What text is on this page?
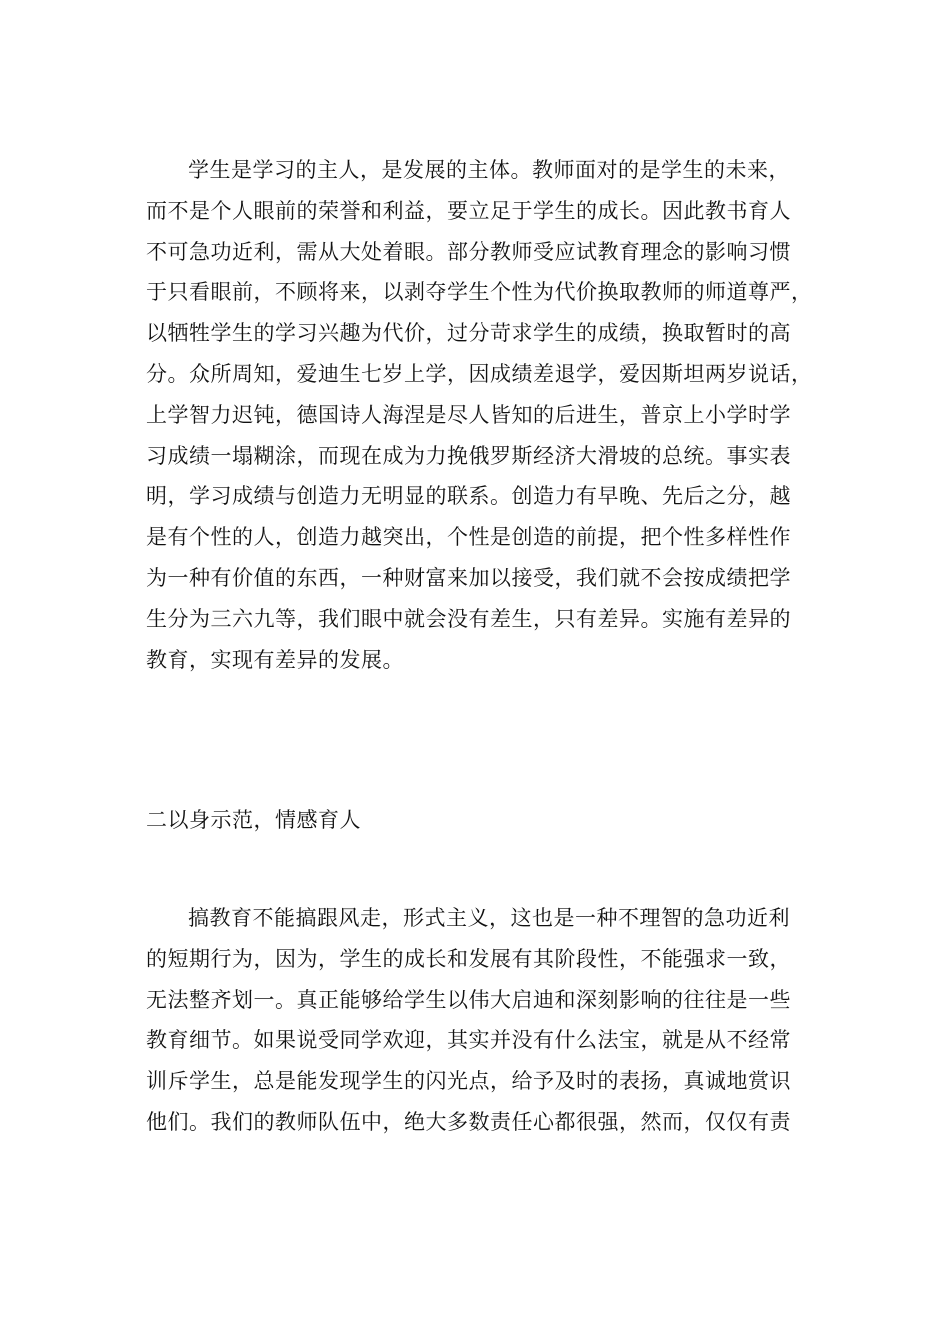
学生是学习的主人，是发展的主体。教师面对的是学生的未来，
而不是个人眼前的荣誉和利益，要立足于学生的成长。因此教书育人
不可急功近利，需从大处着眼。部分教师受应试教育理念的影响习惯
于只看眼前，不顾将来，以剥夺学生个性为代价换取教师的师道尊严，
以牺牲学生的学习兴趣为代价，过分苛求学生的成绩，换取暂时的高
分。众所周知，爱迪生七岁上学，因成绩差退学，爱因斯坦两岁说话，
上学智力迟钝，德国诗人海涅是尽人皆知的后进生，普京上小学时学
习成绩一塌糊涂，而现在成为力挽俄罗斯经济大滑坡的总统。事实表
明，学习成绩与创造力无明显的联系。创造力有早晚、先后之分，越
是有个性的人，创造力越突出，个性是创造的前提，把个性多样性作
为一种有价值的东西，一种财富来加以接受，我们就不会按成绩把学
生分为三六九等，我们眼中就会没有差生，只有差异。实施有差异的
教育，实现有差异的发展。
二以身示范，情感育人
搞教育不能搞跟风走，形式主义，这也是一种不理智的急功近利
的短期行为，因为，学生的成长和发展有其阶段性，不能强求一致，
无法整齐划一。真正能够给学生以伟大启迪和深刻影响的往往是一些
教育细节。如果说受同学欢迎，其实并没有什么法宝，就是从不经常
训斥学生，总是能发现学生的闪光点，给予及时的表扬，真诚地赏识
他们。我们的教师队伍中，绝大多数责任心都很强，然而，仅仅有责
